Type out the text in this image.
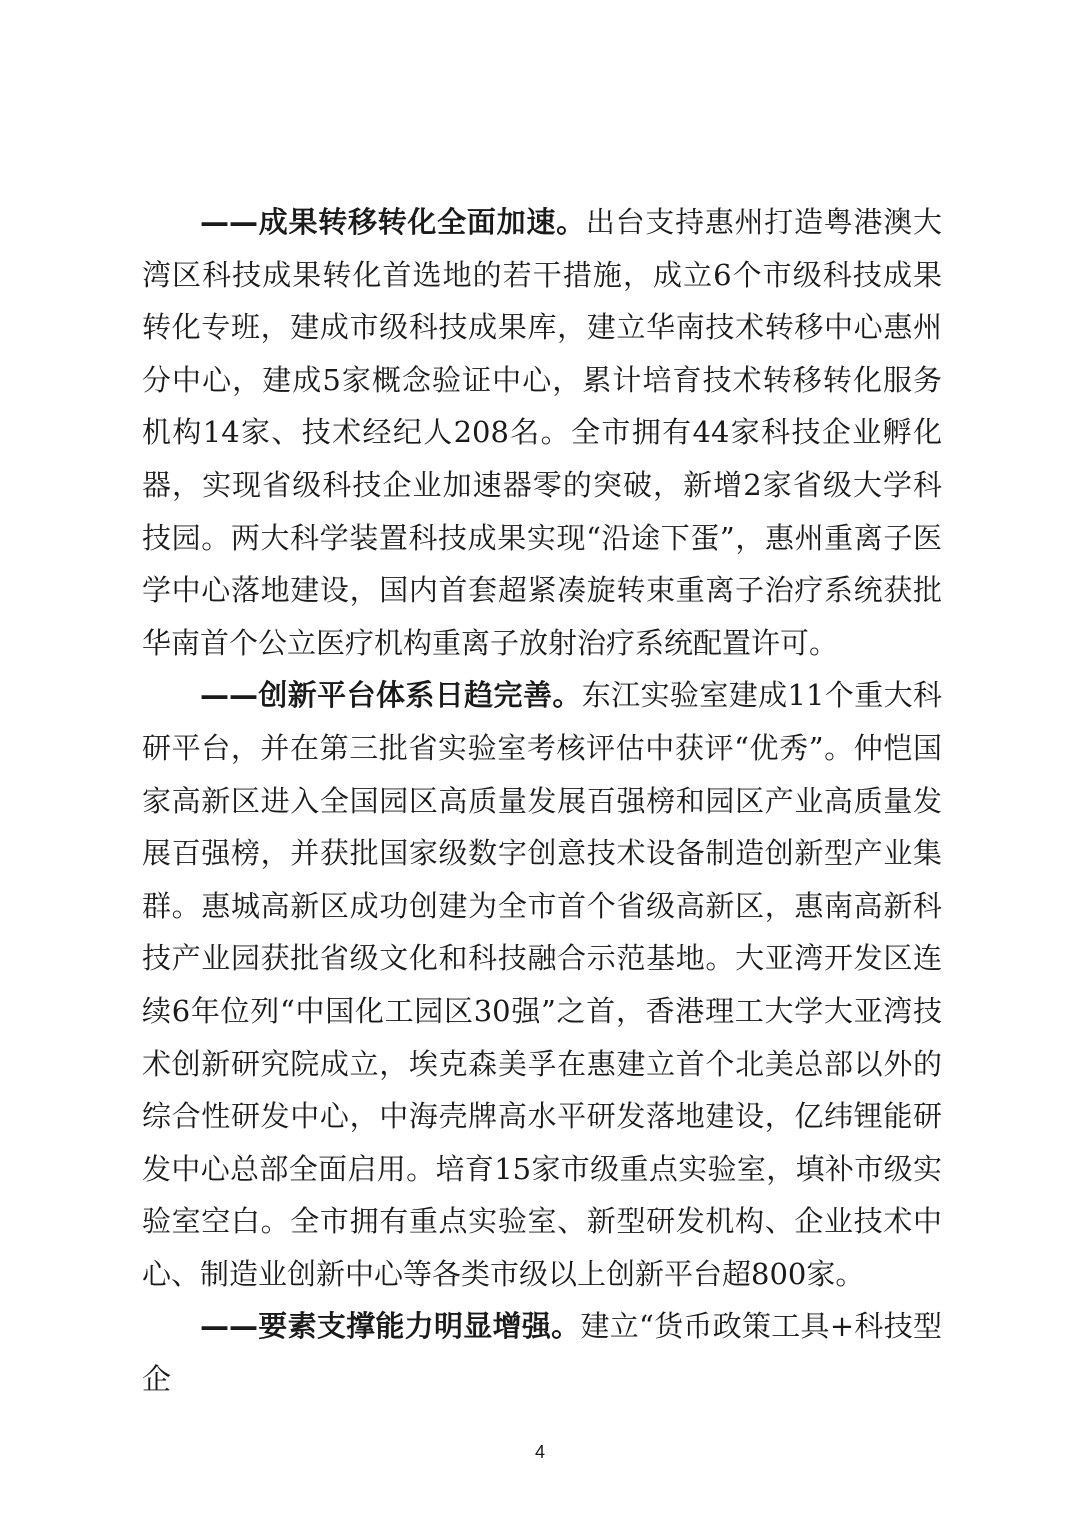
——成果转移转化全面加速。出台支持惠州打造粤港澳大湾区科技成果转化首选地的若干措施，成立6个市级科技成果转化专班，建成市级科技成果库，建立华南技术转移中心惠州分中心，建成5家概念验证中心，累计培育技术转移转化服务机构14家、技术经纪人208名。全市拥有44家科技企业孵化器，实现省级科技企业加速器零的突破，新增2家省级大学科技园。两大科学装置科技成果实现“沿途下蛋”，惠州重离子医学中心落地建设，国内首套超紧凑旋转束重离子治疗系统获批华南首个公立医疗机构重离子放射治疗系统配置许可。

——创新平台体系日趋完善。东江实验室建成11个重大科研平台，并在第三批省实验室考核评估中获评“优秀”。仲恺国家高新区进入全国园区高质量发展百强榜和园区产业高质量发展百强榜，并获批国家级数字创意技术设备制造创新型产业集群。惠城高新区成功创建为全市首个省级高新区，惠南高新科技产业园获批省级文化和科技融合示范基地。大亚湾开发区连续6年位列“中国化工园区30强”之首，香港理工大学大亚湾技术创新研究院成立，埃克森美孚在惠建立首个北美总部以外的综合性研发中心，中海壳牌高水平研发落地建设，亿纬锂能研发中心总部全面启用。培育15家市级重点实验室，填补市级实验室空白。全市拥有重点实验室、新型研发机构、企业技术中心、制造业创新中心等各类市级以上创新平台超800家。

——要素支撑能力明显增强。建立“货币政策工具+科技型企

4
